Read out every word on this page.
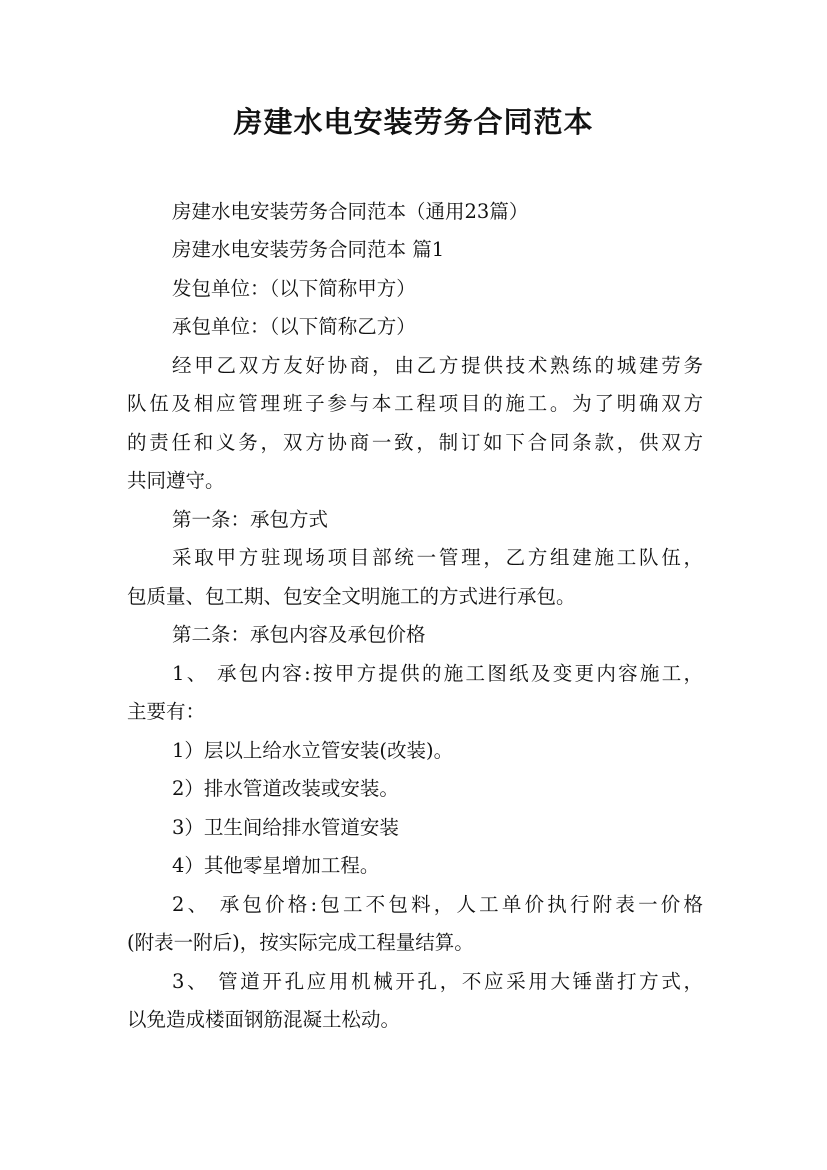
房建水电安装劳务合同范本
房建水电安装劳务合同范本（通用23篇）
房建水电安装劳务合同范本 篇1
发包单位：（以下简称甲方）
承包单位：（以下简称乙方）
经甲乙双方友好协商，由乙方提供技术熟练的城建劳务
队伍及相应管理班子参与本工程项目的施工。为了明确双方
的责任和义务，双方协商一致，制订如下合同条款，供双方
共同遵守。
第一条：承包方式
采取甲方驻现场项目部统一管理，乙方组建施工队伍，
包质量、包工期、包安全文明施工的方式进行承包。
第二条：承包内容及承包价格
1、 承包内容:按甲方提供的施工图纸及变更内容施工，
主要有：
1）层以上给水立管安装(改装)。
2）排水管道改装或安装。
3）卫生间给排水管道安装
4）其他零星增加工程。
2、 承包价格:包工不包料，人工单价执行附表一价格
(附表一附后)，按实际完成工程量结算。
3、 管道开孔应用机械开孔，不应采用大锤凿打方式，
以免造成楼面钢筋混凝土松动。
